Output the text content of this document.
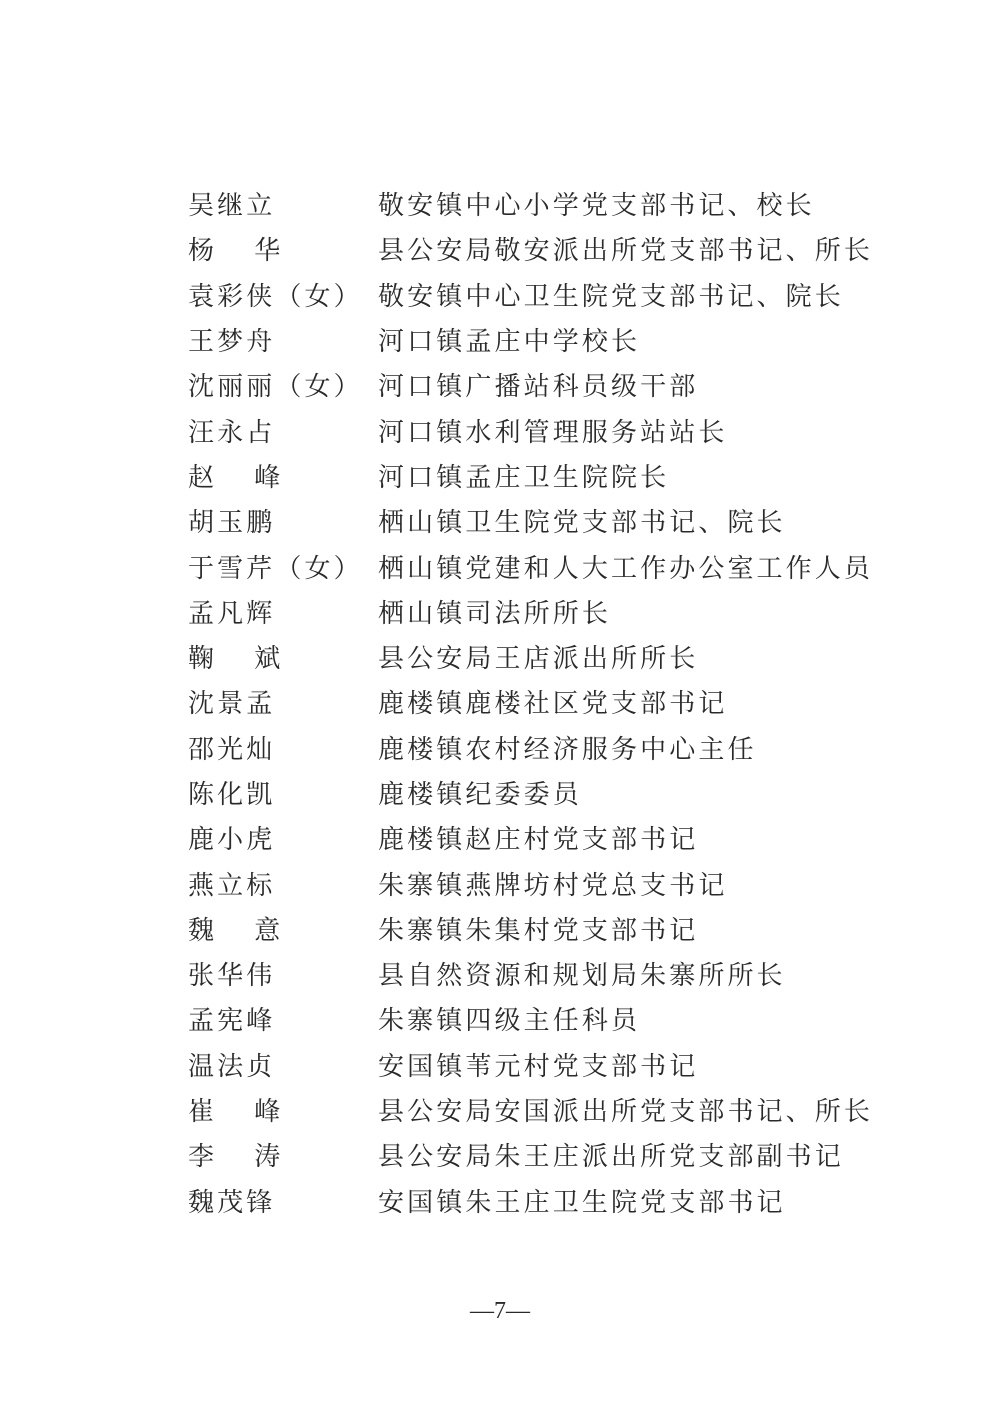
吴继立	敬安镇中心小学党支部书记、校长
杨华	县公安局敬安派出所党支部书记、所长
袁彩侠（女） 敬安镇中心卫生院党支部书记、院长
王梦舟	河口镇孟庄中学校长
沈丽丽（女） 河口镇广播站科员级干部
汪永占	河口镇水利管理服务站站长
赵峰	河口镇孟庄卫生院院长
胡玉鹏	栖山镇卫生院党支部书记、院长
于雪芹（女） 栖山镇党建和人大工作办公室工作人员
孟凡辉	栖山镇司法所所长
鞠斌	县公安局王店派出所所长
沈景孟	鹿楼镇鹿楼社区党支部书记
邵光灿	鹿楼镇农村经济服务中心主任
陈化凯	鹿楼镇纪委委员
鹿小虎	鹿楼镇赵庄村党支部书记
燕立标	朱寨镇燕牌坊村党总支书记
魏意	朱寨镇朱集村党支部书记
张华伟	县自然资源和规划局朱寨所所长
孟宪峰	朱寨镇四级主任科员
温法贞	安国镇苇元村党支部书记
崔峰	县公安局安国派出所党支部书记、所长
李涛	县公安局朱王庄派出所党支部副书记
魏茂锋	安国镇朱王庄卫生院党支部书记
—7—
